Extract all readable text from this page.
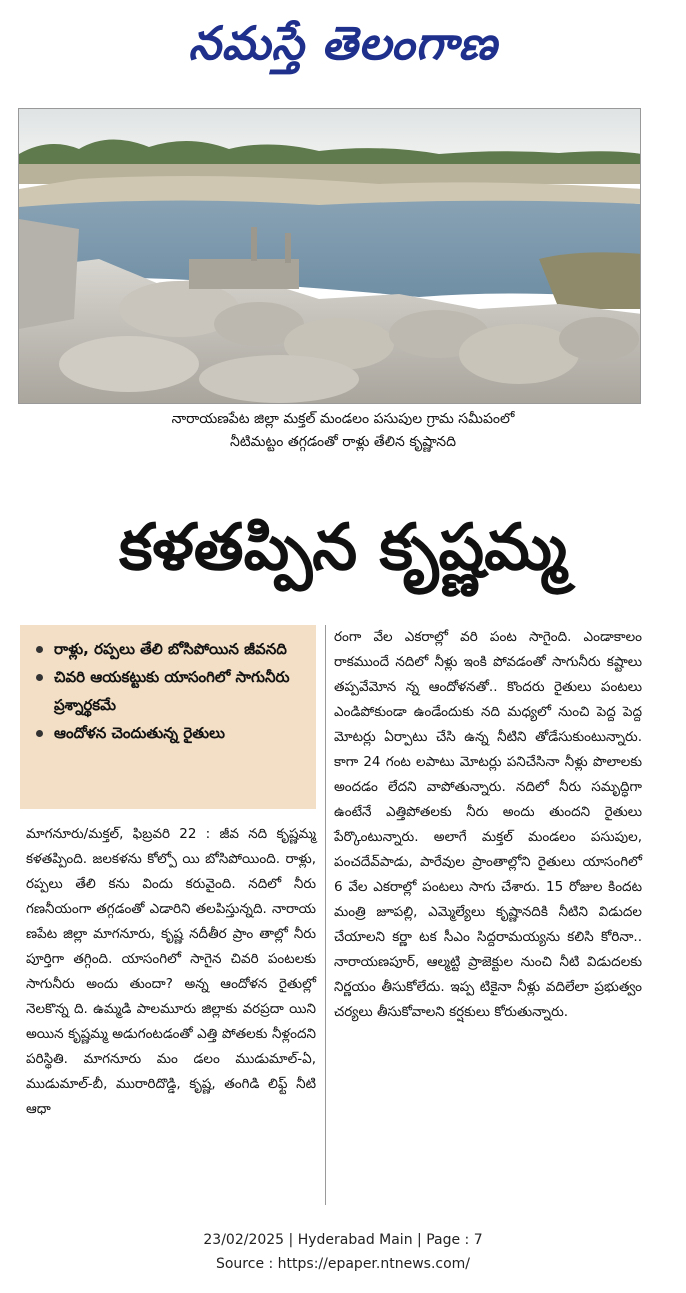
నమస్తే తెలంగాణ
నారాయణపేట జిల్లా మక్తల్ మండలం పసుపుల గ్రామ సమీపంలో
నీటిమట్టం తగ్గడంతో రాళ్లు తేలిన కృష్ణానది
కళతప్పిన కృష్ణమ్మ
రాళ్లు, రప్పలు తేలి బోసిపోయిన జీవనది
చివరి ఆయకట్టుకు యాసంగిలో సాగునీరు ప్రశ్నార్థకమే
ఆందోళన చెందుతున్న రైతులు
మాగనూరు/మక్తల్, ఫిబ్రవరి 22 : జీవ నది కృష్ణమ్మ కళతప్పింది. జలకళను కోల్పో యి బోసిపోయింది. రాళ్లు, రప్పలు తేలి కను విందు కరువైంది. నదిలో నీరు గణనీయంగా తగ్గడంతో ఎడారిని తలపిస్తున్నది. నారాయ ణపేట జిల్లా మాగనూరు, కృష్ణ నదీతీర ప్రాం తాల్లో నీరు పూర్తిగా తగ్గింది. యాసంగిలో సాగైన చివరి పంటలకు సాగునీరు అందు తుందా? అన్న ఆందోళన రైతుల్లో నెలకొన్న ది. ఉమ్మడి పాలమూరు జిల్లాకు వరప్రదా యిని అయిన కృష్ణమ్మ అడుగంటడంతో ఎత్తి పోతలకు నీళ్లందని పరిస్థితి. మాగనూరు మం డలం ముడుమాల్-ఏ, ముడుమాల్-బీ, మురారిదొడ్డి, కృష్ణ, తంగిడి లిఫ్ట్ నీటి ఆధా
రంగా వేల ఎకరాల్లో వరి పంట సాగైంది. ఎండాకాలం రాకముందే నదిలో నీళ్లు ఇంకి పోవడంతో సాగునీరు కష్టాలు తప్పవేమోన న్న ఆందోళనతో.. కొందరు రైతులు పంటలు ఎండిపోకుండా ఉండేందుకు నది మధ్యలో నుంచి పెద్ద పెద్ద మోటర్లు ఏర్పాటు చేసి ఉన్న నీటిని తోడేసుకుంటున్నారు. కాగా 24 గంట లపాటు మోటర్లు పనిచేసినా నీళ్లు పొలాలకు అందడం లేదని వాపోతున్నారు. నదిలో నీరు సమృద్ధిగా ఉంటేనే ఎత్తిపోతలకు నీరు అందు తుందని రైతులు పేర్కొంటున్నారు. అలాగే మక్తల్ మండలం పసుపుల, పంచదేవ్‌పాడు, పారేవుల ప్రాంతాల్లోని రైతులు యాసంగిలో 6 వేల ఎకరాల్లో పంటలు సాగు చేశారు. 15 రోజుల కిందట మంత్రి జూపల్లి, ఎమ్మెల్యేలు కృష్ణానదికి నీటిని విడుదల చేయాలని కర్ణా టక సీఎం సిద్దరామయ్యను కలిసి కోరినా.. నారాయణపూర్, ఆల్మట్టి ప్రాజెక్టుల నుంచి నీటి విడుదలకు నిర్ణయం తీసుకోలేదు. ఇప్ప టికైనా నీళ్లు వదిలేలా ప్రభుత్వం చర్యలు తీసుకోవాలని కర్షకులు కోరుతున్నారు.
23/02/2025 | Hyderabad Main | Page : 7
Source : https://epaper.ntnews.com/
